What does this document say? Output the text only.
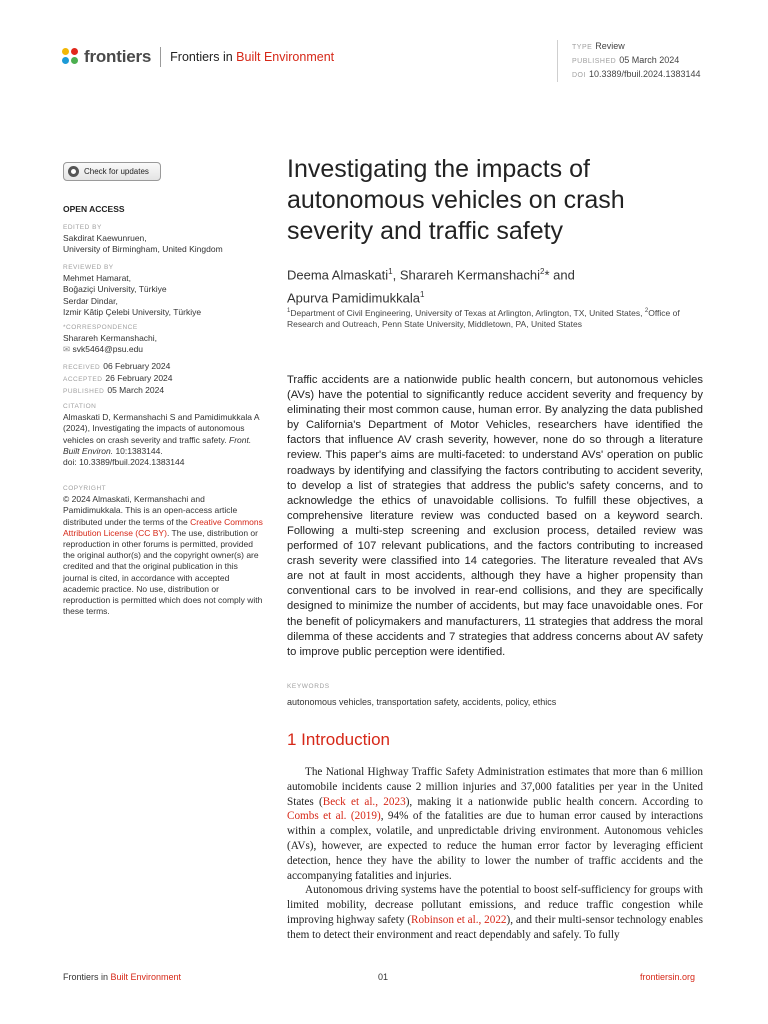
frontiers Frontiers in Built Environment
TYPE Review
PUBLISHED 05 March 2024
DOI 10.3389/fbuil.2024.1383144
Check for updates
OPEN ACCESS
EDITED BY
Sakdirat Kaewunruen,
University of Birmingham, United Kingdom
REVIEWED BY
Mehmet Hamarat,
Boğaziçi University, Türkiye
Serdar Dindar,
Izmir Kâtip Çelebi University, Türkiye
*CORRESPONDENCE
Sharareh Kermanshachi,
✉ svk5464@psu.edu
RECEIVED 06 February 2024
ACCEPTED 26 February 2024
PUBLISHED 05 March 2024
CITATION
Almaskati D, Kermanshachi S and Pamidimukkala A (2024), Investigating the impacts of autonomous vehicles on crash severity and traffic safety. Front. Built Environ. 10:1383144.
doi: 10.3389/fbuil.2024.1383144
COPYRIGHT
© 2024 Almaskati, Kermanshachi and Pamidimukkala. This is an open-access article distributed under the terms of the Creative Commons Attribution License (CC BY). The use, distribution or reproduction in other forums is permitted, provided the original author(s) and the copyright owner(s) are credited and that the original publication in this journal is cited, in accordance with accepted academic practice. No use, distribution or reproduction is permitted which does not comply with these terms.
Investigating the impacts of autonomous vehicles on crash severity and traffic safety
Deema Almaskati$^1$, Sharareh Kermanshachi$^2$* and
Apurva Pamidimukkala$^1$
$^1$Department of Civil Engineering, University of Texas at Arlington, Arlington, TX, United States, $^2$Office of Research and Outreach, Penn State University, Middletown, PA, United States
Traffic accidents are a nationwide public health concern, but autonomous vehicles (AVs) have the potential to significantly reduce accident severity and frequency by eliminating their most common cause, human error. By analyzing the data published by California's Department of Motor Vehicles, researchers have identified the factors that influence AV crash severity, however, none do so through a literature review. This paper's aims are multi-faceted: to understand AVs' operation on public roadways by identifying and classifying the factors contributing to accident severity, to develop a list of strategies that address the public's safety concerns, and to acknowledge the ethics of unavoidable collisions. To fulfill these objectives, a comprehensive literature review was conducted based on a keyword search. Following a multi-step screening and exclusion process, detailed review was performed of 107 relevant publications, and the factors contributing to increased crash severity were classified into 14 categories. The literature revealed that AVs are not at fault in most accidents, although they have a higher propensity than conventional cars to be involved in rear-end collisions, and they are specifically designed to minimize the number of accidents, but may face unavoidable ones. For the benefit of policymakers and manufacturers, 11 strategies that address the moral dilemma of these accidents and 7 strategies that address concerns about AV safety to improve public perception were identified.
KEYWORDS
autonomous vehicles, transportation safety, accidents, policy, ethics
1 Introduction

The National Highway Traffic Safety Administration estimates that more than 6 million automobile incidents cause 2 million injuries and 37,000 fatalities per year in the United States (Beck et al., 2023), making it a nationwide public health concern. According to Combs et al. (2019), 94% of the fatalities are due to human error caused by interactions within a complex, volatile, and unpredictable driving environment. Autonomous vehicles (AVs), however, are expected to reduce the human error factor by leveraging efficient detection, hence they have the ability to lower the number of traffic accidents and the accompanying fatalities and injuries.

Autonomous driving systems have the potential to boost self-sufficiency for groups with limited mobility, decrease pollutant emissions, and reduce traffic congestion while improving highway safety (Robinson et al., 2022), and their multi-sensor technology enables them to detect their environment and react dependably and safely. To fully

Frontiers in Built Environment	01	frontiersin.org
